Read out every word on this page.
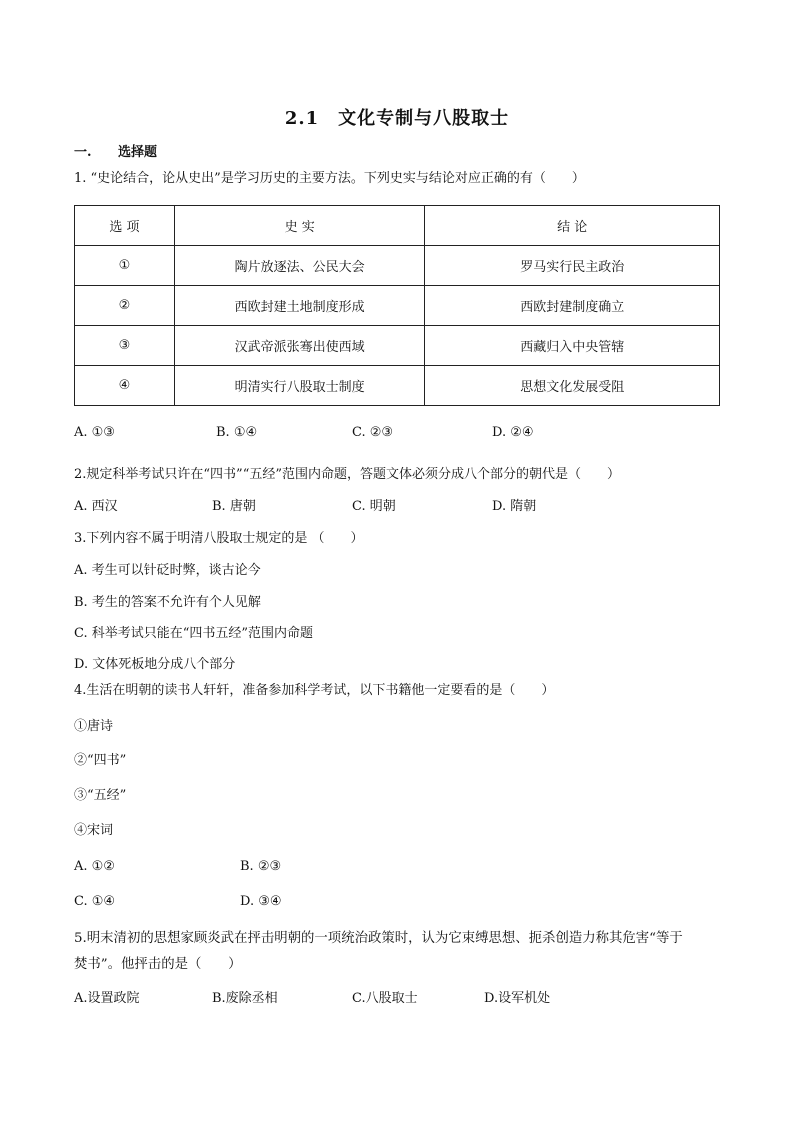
2.1　文化专制与八股取士
一. 选择题
1. “史论结合，论从史出”是学习历史的主要方法。下列史实与结论对应正确的有（　　）
选 项	史 实	结 论
①	陶片放逐法、公民大会	罗马实行民主政治
②	西欧封建土地制度形成	西欧封建制度确立
③	汉武帝派张骞出使西域	西藏归入中央管辖
④	明清实行八股取士制度	思想文化发展受阻
A. ①③	B. ①④	C. ②③	D. ②④
2.规定科举考试只许在“四书”“五经”范围内命题，答题文体必须分成八个部分的朝代是（　　）
A. 西汉	B. 唐朝	C. 明朝	D. 隋朝
3.下列内容不属于明清八股取士规定的是 （　　）
A. 考生可以针砭时弊，谈古论今
B. 考生的答案不允许有个人见解
C. 科举考试只能在“四书五经”范围内命题
D. 文体死板地分成八个部分
4.生活在明朝的读书人轩轩，准备参加科学考试，以下书籍他一定要看的是（　　）
①唐诗
②“四书”
③“五经”
④宋词
A. ①②	B. ②③
C. ①④	D. ③④
5.明末清初的思想家顾炎武在抨击明朝的一项统治政策时，认为它束缚思想、扼杀创造力称其危害“等于
焚书”。他抨击的是（　　）
A.设置政院	B.废除丞相	C.八股取士	D.设军机处
